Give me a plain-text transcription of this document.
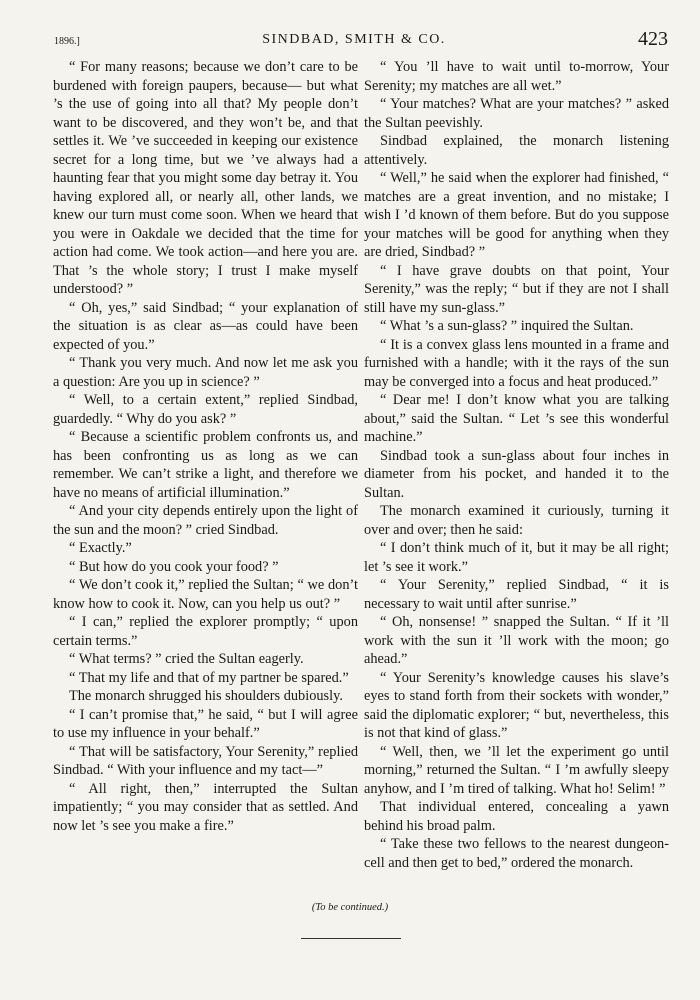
1896.]	SINDBAD, SMITH & CO.	423

“ For many reasons; because we don’t care to be burdened with foreign paupers, because— but what ’s the use of going into all that? My people don’t want to be discovered, and they won’t be, and that settles it. We ’ve succeeded in keeping our existence secret for a long time, but we ’ve always had a haunting fear that you might some day betray it. You having explored all, or nearly all, other lands, we knew our turn must come soon. When we heard that you were in Oakdale we decided that the time for action had come. We took action—and here you are. That ’s the whole story; I trust I make myself understood? ”

“ Oh, yes,” said Sindbad; “ your explanation of the situation is as clear as—as could have been expected of you.”

“ Thank you very much. And now let me ask you a question: Are you up in science? ”

“ Well, to a certain extent,” replied Sindbad, guardedly. “ Why do you ask? ”

“ Because a scientific problem confronts us, and has been confronting us as long as we can remember. We can’t strike a light, and therefore we have no means of artificial illumination.”

“ And your city depends entirely upon the light of the sun and the moon? ” cried Sindbad.

“ Exactly.”

“ But how do you cook your food? ”

“ We don’t cook it,” replied the Sultan; “ we don’t know how to cook it. Now, can you help us out? ”

“ I can,” replied the explorer promptly; “ upon certain terms.”

“ What terms? ” cried the Sultan eagerly.

“ That my life and that of my partner be spared.”

The monarch shrugged his shoulders dubiously.

“ I can’t promise that,” he said, “ but I will agree to use my influence in your behalf.”

“ That will be satisfactory, Your Serenity,” replied Sindbad. “ With your influence and my tact—”

“ All right, then,” interrupted the Sultan impatiently; “ you may consider that as settled. And now let ’s see you make a fire.”

“ You ’ll have to wait until to-morrow, Your Serenity; my matches are all wet.”

“ Your matches? What are your matches? ” asked the Sultan peevishly.

Sindbad explained, the monarch listening attentively.

“ Well,” he said when the explorer had finished, “ matches are a great invention, and no mistake; I wish I ’d known of them before. But do you suppose your matches will be good for anything when they are dried, Sindbad? ”

“ I have grave doubts on that point, Your Serenity,” was the reply; “ but if they are not I shall still have my sun-glass.”

“ What ’s a sun-glass? ” inquired the Sultan.

“ It is a convex glass lens mounted in a frame and furnished with a handle; with it the rays of the sun may be converged into a focus and heat produced.”

“ Dear me! I don’t know what you are talking about,” said the Sultan. “ Let ’s see this wonderful machine.”

Sindbad took a sun-glass about four inches in diameter from his pocket, and handed it to the Sultan.

The monarch examined it curiously, turning it over and over; then he said:

“ I don’t think much of it, but it may be all right; let ’s see it work.”

“ Your Serenity,” replied Sindbad, “ it is necessary to wait until after sunrise.”

“ Oh, nonsense! ” snapped the Sultan. “ If it ’ll work with the sun it ’ll work with the moon; go ahead.”

“ Your Serenity’s knowledge causes his slave’s eyes to stand forth from their sockets with wonder,” said the diplomatic explorer; “ but, nevertheless, this is not that kind of glass.”

“ Well, then, we ’ll let the experiment go until morning,” returned the Sultan. “ I ’m awfully sleepy anyhow, and I ’m tired of talking. What ho! Selim! ”

That individual entered, concealing a yawn behind his broad palm.

“ Take these two fellows to the nearest dungeon-cell and then get to bed,” ordered the monarch.

(To be continued.)
